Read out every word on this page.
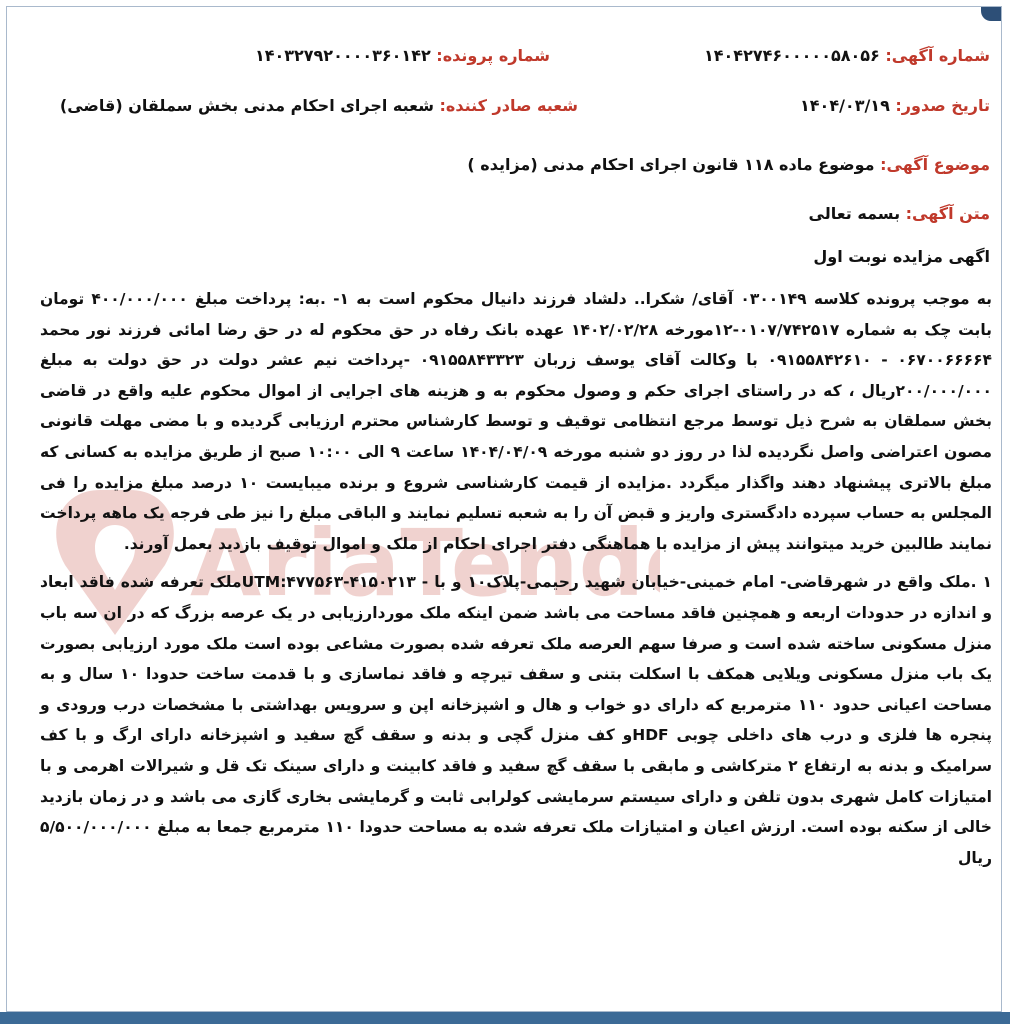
AriaTend
شماره آگهی: ۱۴۰۴۲۷۴۶۰۰۰۰۰۵۸۰۵۶
شماره پرونده: ۱۴۰۳۲۷۹۲۰۰۰۰۳۶۰۱۴۲
تاریخ صدور: ۱۴۰۴/۰۳/۱۹
شعبه صادر کننده: شعبه اجرای احکام مدنی بخش سملقان (قاضی)
موضوع آگهی: موضوع ماده ۱۱۸ قانون اجرای احکام مدنی (مزایده )
متن آگهی: بسمه تعالی
اگهی مزایده نوبت اول

به موجب پرونده کلاسه ۰۳۰۰۱۴۹ آقای/ شکرا.. دلشاد فرزند دانیال محکوم است به ۱- .به: پرداخت مبلغ ۴۰۰/۰۰۰/۰۰۰ تومان بابت چک به شماره ۰۱۰۷/۷۴۲۵۱۷-۱۲مورخه ۱۴۰۲/۰۲/۲۸ عهده بانک رفاه در حق محکوم له در حق رضا امائی فرزند نور محمد ۰۶۷۰۰۶۶۶۶۴ - ۰۹۱۵۵۸۴۲۶۱۰ با وکالت آقای یوسف زربان ۰۹۱۵۵۸۴۳۳۲۳ -پرداخت نیم عشر دولت در حق دولت به مبلغ ۲۰۰/۰۰۰/۰۰۰ریال ، که در راستای اجرای حکم و وصول محکوم به و هزینه های اجرایی از اموال محکوم علیه واقع در قاضی بخش سملقان به شرح ذیل توسط مرجع انتظامی توقیف و توسط کارشناس محترم ارزیابی گردیده و با مضی مهلت قانونی مصون اعتراضی واصل نگردیده لذا در روز دو شنبه مورخه ۱۴۰۴/۰۴/۰۹ ساعت ۹ الی ۱۰:۰۰ صبح از طریق مزایده به کسانی که مبلغ بالاتری پیشنهاد دهند واگذار میگردد .مزایده از قیمت کارشناسی شروع و برنده میبایست ۱۰ درصد مبلغ مزایده را فی المجلس به حساب سپرده دادگستری واریز و قبض آن را به شعبه تسلیم نمایند و الباقی مبلغ را نیز طی فرجه یک ماهه پرداخت نمایند طالبین خرید میتوانند پیش از مزایده با هماهنگی دفتر اجرای احکام از ملک و اموال توقیف بازدید بعمل آورند.

۱ .ملک واقع در شهرقاضی- امام خمینی-خیابان شهید رحیمی-پلاک۱۰ و با - UTM:۴۷۷۵۶۳-۴۱۵۰۲۱۳ملک تعرفه شده فاقد ابعاد و اندازه در حدودات اربعه و همچنین فاقد مساحت می باشد ضمن اینکه ملک موردارزیابی در یک عرصه بزرگ که در ان سه باب منزل مسکونی ساخته شده است و صرفا سهم العرصه ملک تعرفه شده بصورت مشاعی بوده است ملک مورد ارزیابی بصورت یک باب منزل مسکونی ویلایی همکف با اسکلت بتنی و سقف تیرچه و فاقد نماسازی و با قدمت ساخت حدودا ۱۰ سال و به مساحت اعیانی حدود ۱۱۰ مترمربع که دارای دو خواب و هال و اشپزخانه اپن و سرویس بهداشتی با مشخصات درب ورودی و پنجره ها فلزی و درب های داخلی چوبی HDFو کف منزل گچی و بدنه و سقف گچ سفید و اشپزخانه دارای ارگ و با کف سرامیک و بدنه به ارتفاع ۲ مترکاشی و مابقی با سقف گچ سفید و فاقد کابینت و دارای سینک تک قل و شیرالات اهرمی و با امتیازات کامل شهری بدون تلفن و دارای سیستم سرمایشی کولرابی ثابت و گرمایشی بخاری گازی می باشد و در زمان بازدید خالی از سکنه بوده است. ارزش اعیان و امتیازات ملک تعرفه شده به مساحت حدودا ۱۱۰ مترمربع جمعا به مبلغ ۵/۵۰۰/۰۰۰/۰۰۰ ریال
